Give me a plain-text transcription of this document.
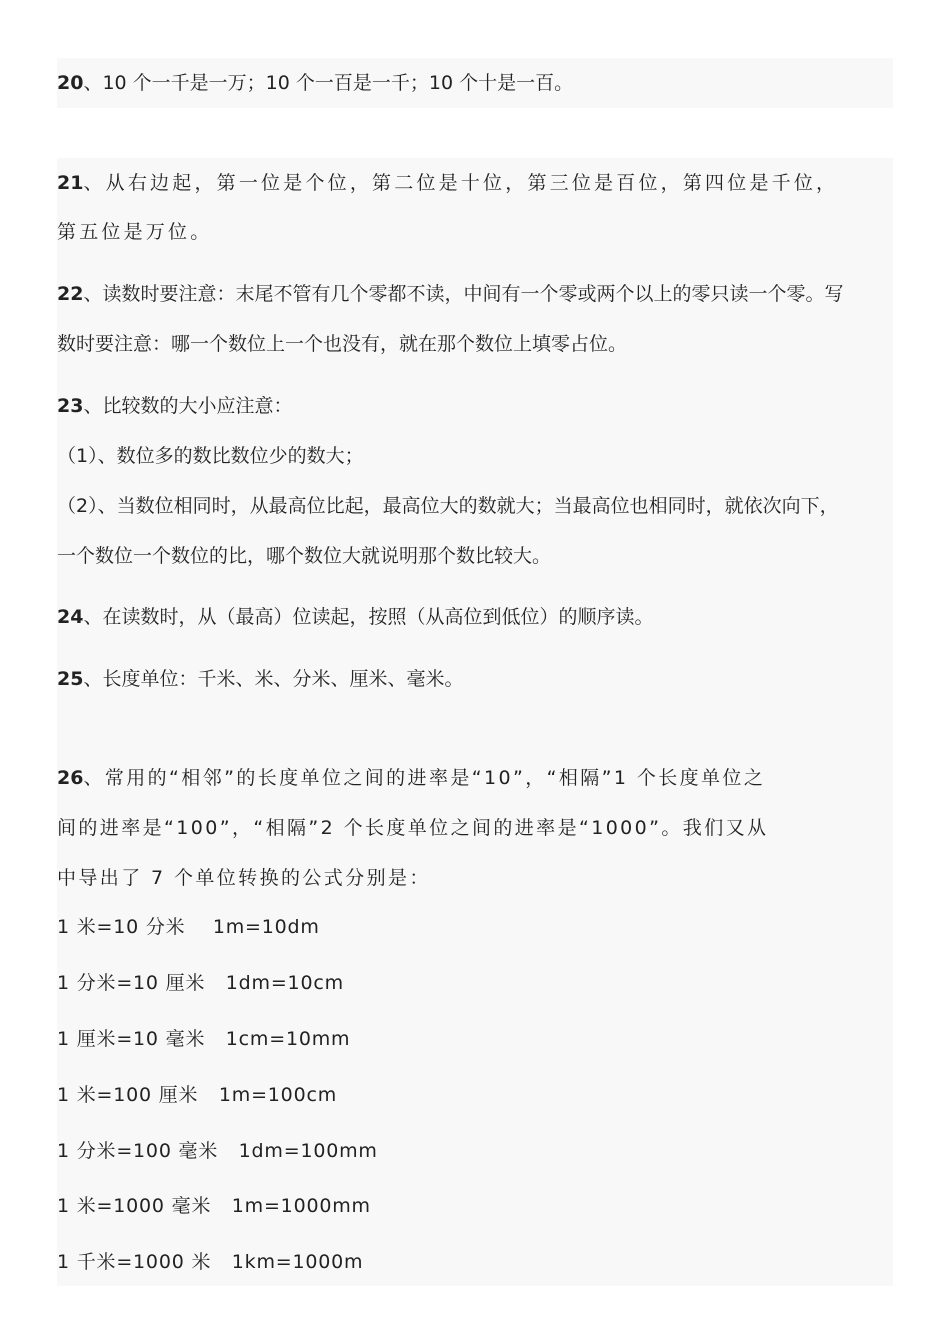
20、10 个一千是一万；10 个一百是一千；10 个十是一百。
21、从右边起，第一位是个位，第二位是十位，第三位是百位，第四位是千位，
第五位是万位。
22、读数时要注意：末尾不管有几个零都不读，中间有一个零或两个以上的零只读一个零。写
数时要注意：哪一个数位上一个也没有，就在那个数位上填零占位。
23、比较数的大小应注意：
（1）、数位多的数比数位少的数大；
（2）、当数位相同时，从最高位比起，最高位大的数就大；当最高位也相同时，就依次向下，
一个数位一个数位的比，哪个数位大就说明那个数比较大。
24、在读数时，从（最高）位读起，按照（从高位到低位）的顺序读。
25、长度单位：千米、米、分米、厘米、毫米。
26、常用的“相邻”的长度单位之间的进率是“10”，“相隔”1 个长度单位之
间的进率是“100”，“相隔”2 个长度单位之间的进率是“1000”。我们又从
中导出了 7 个单位转换的公式分别是：
1 米=10 分米    1m=10dm
1 分米=10 厘米   1dm=10cm
1 厘米=10 毫米   1cm=10mm
1 米=100 厘米   1m=100cm
1 分米=100 毫米   1dm=100mm
1 米=1000 毫米   1m=1000mm
1 千米=1000 米   1km=1000m
